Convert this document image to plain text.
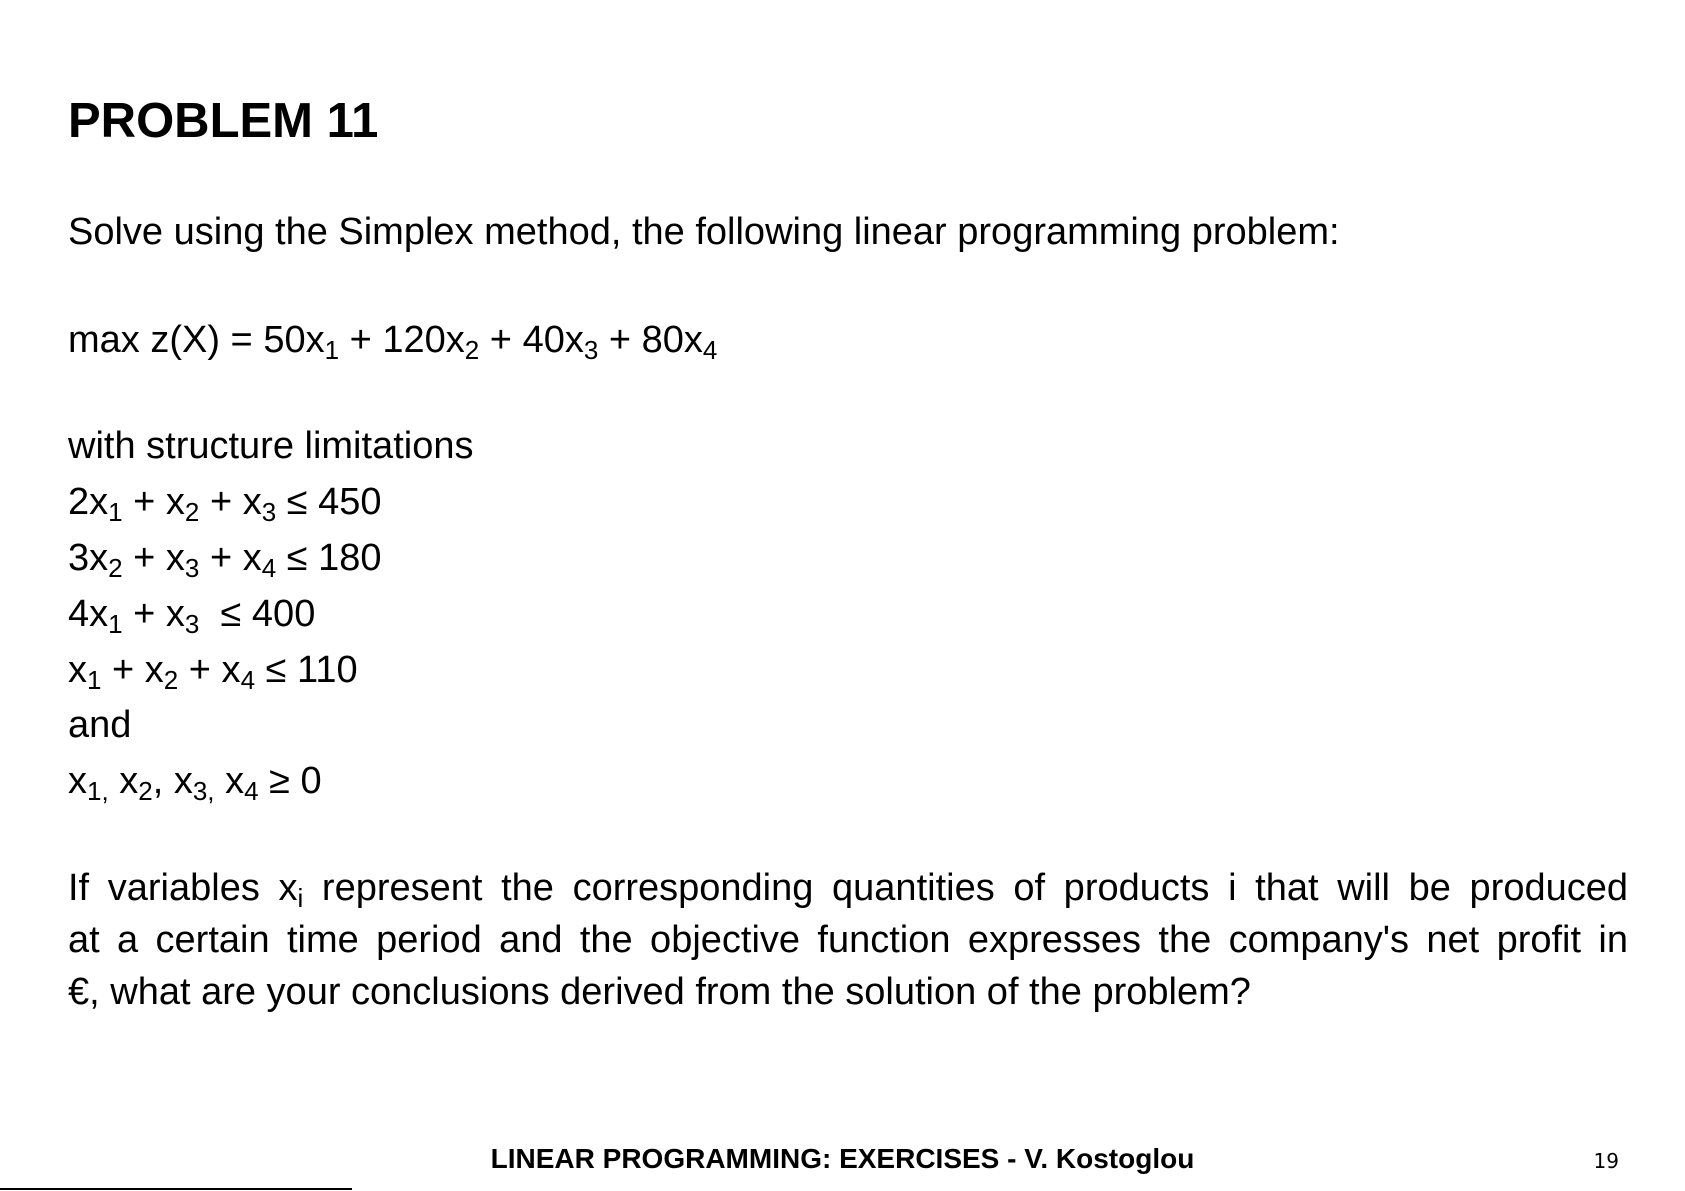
PROBLEM 11
Solve using the Simplex method, the following linear programming problem:
$\max z(X) = 50x_1 + 120x_2 + 40x_3 + 80x_4$
with structure limitations
$2x_1 + x_2 + x_3 \le 450$
$3x_2 + x_3 + x_4 \le 180$
$4x_1 + x_3 \le 400$
$x_1 + x_2 + x_4 \le 110$
and
$x_{1,}$ $x_2$, $x_{3,}$ $x_4 \ge 0$
If variables $x_i$ represent the corresponding quantities of products i that will be produced
at a certain time period and the objective function expresses the company's net profit in
€, what are your conclusions derived from the solution of the problem?
LINEAR PROGRAMMING: EXERCISES - V. Kostoglou	19
